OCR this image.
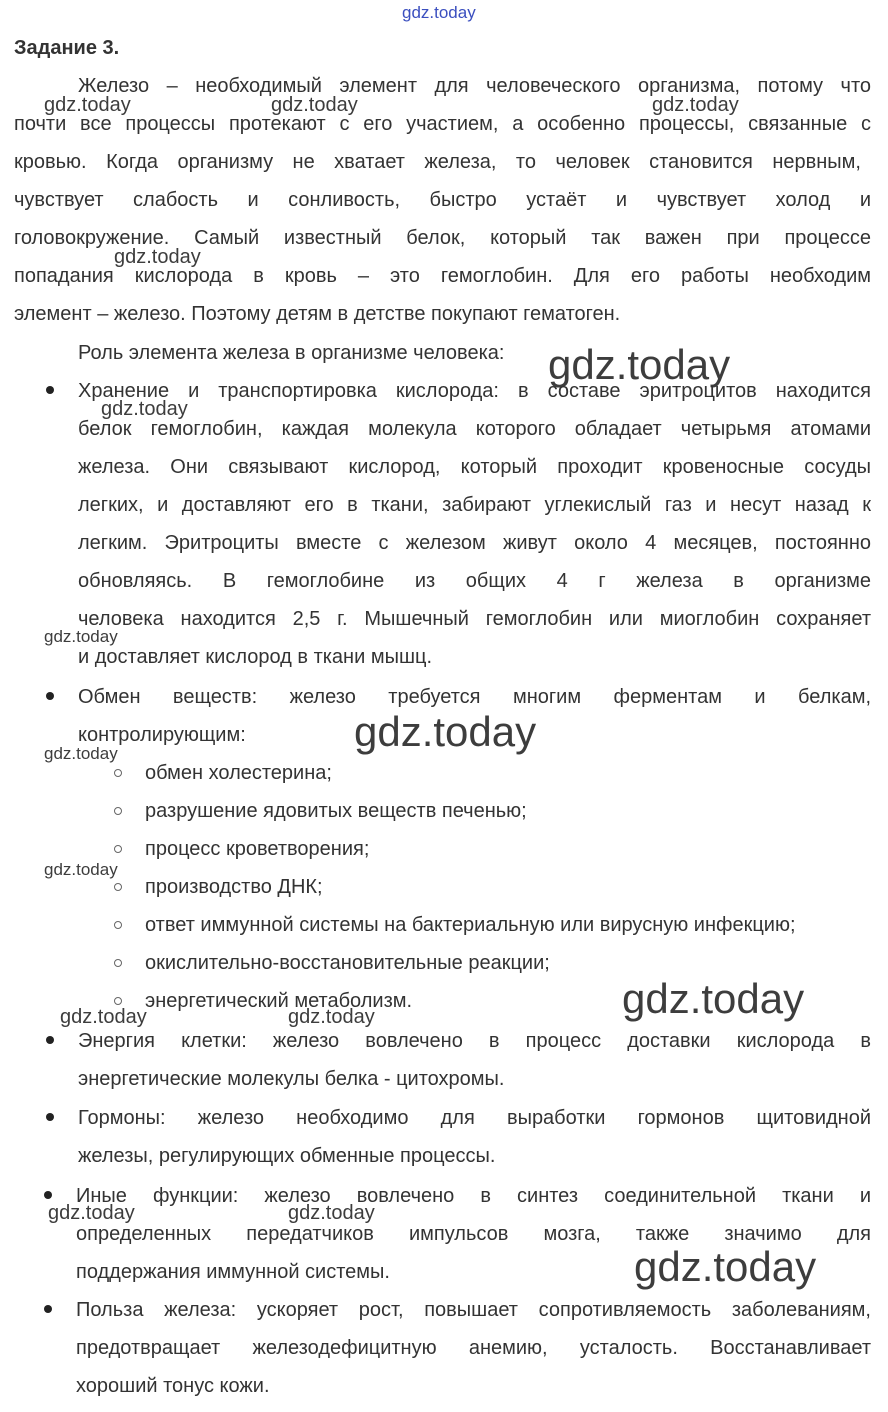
gdz.today
gdz.today	gdz.today	gdz.today
gdz.today
gdz.today
gdz.today
gdz.today
gdz.today
gdz.today
gdz.today
gdz.today
gdz.today	gdz.today
gdz.today	gdz.today
gdz.today
Задание 3.
Железо – необходимый элемент для человеческого организма, потому что
почти все процессы протекают с его участием, а особенно процессы, связанные с
кровью. Когда организму не хватает железа, то человек становится нервным,
чувствует слабость и сонливость, быстро устаёт и чувствует холод и
головокружение. Самый известный белок, который так важен при процессе
попадания кислорода в кровь – это гемоглобин. Для его работы необходим
элемент – железо. Поэтому детям в детстве покупают гематоген.
Роль элемента железа в организме человека:
Хранение и транспортировка кислорода: в составе эритроцитов находится
белок гемоглобин, каждая молекула которого обладает четырьмя атомами
железа. Они связывают кислород, который проходит кровеносные сосуды
легких, и доставляют его в ткани, забирают углекислый газ и несут назад к
легким. Эритроциты вместе с железом живут около 4 месяцев, постоянно
обновляясь. В гемоглобине из общих 4 г железа в организме
человека находится 2,5 г. Мышечный гемоглобин или миоглобин сохраняет
и доставляет кислород в ткани мышц.
Обмен веществ: железо требуется многим ферментам и белкам,
контролирующим:
обмен холестерина;
разрушение ядовитых веществ печенью;
процесс кроветворения;
производство ДНК;
ответ иммунной системы на бактериальную или вирусную инфекцию;
окислительно-восстановительные реакции;
энергетический метаболизм.
Энергия клетки: железо вовлечено в процесс доставки кислорода в
энергетические молекулы белка - цитохромы.
Гормоны: железо необходимо для выработки гормонов щитовидной
железы, регулирующих обменные процессы.
Иные функции: железо вовлечено в синтез соединительной ткани и
определенных передатчиков импульсов мозга, также значимо для
поддержания иммунной системы.
Польза железа: ускоряет рост, повышает сопротивляемость заболеваниям,
предотвращает железодефицитную анемию, усталость. Восстанавливает
хороший тонус кожи.
